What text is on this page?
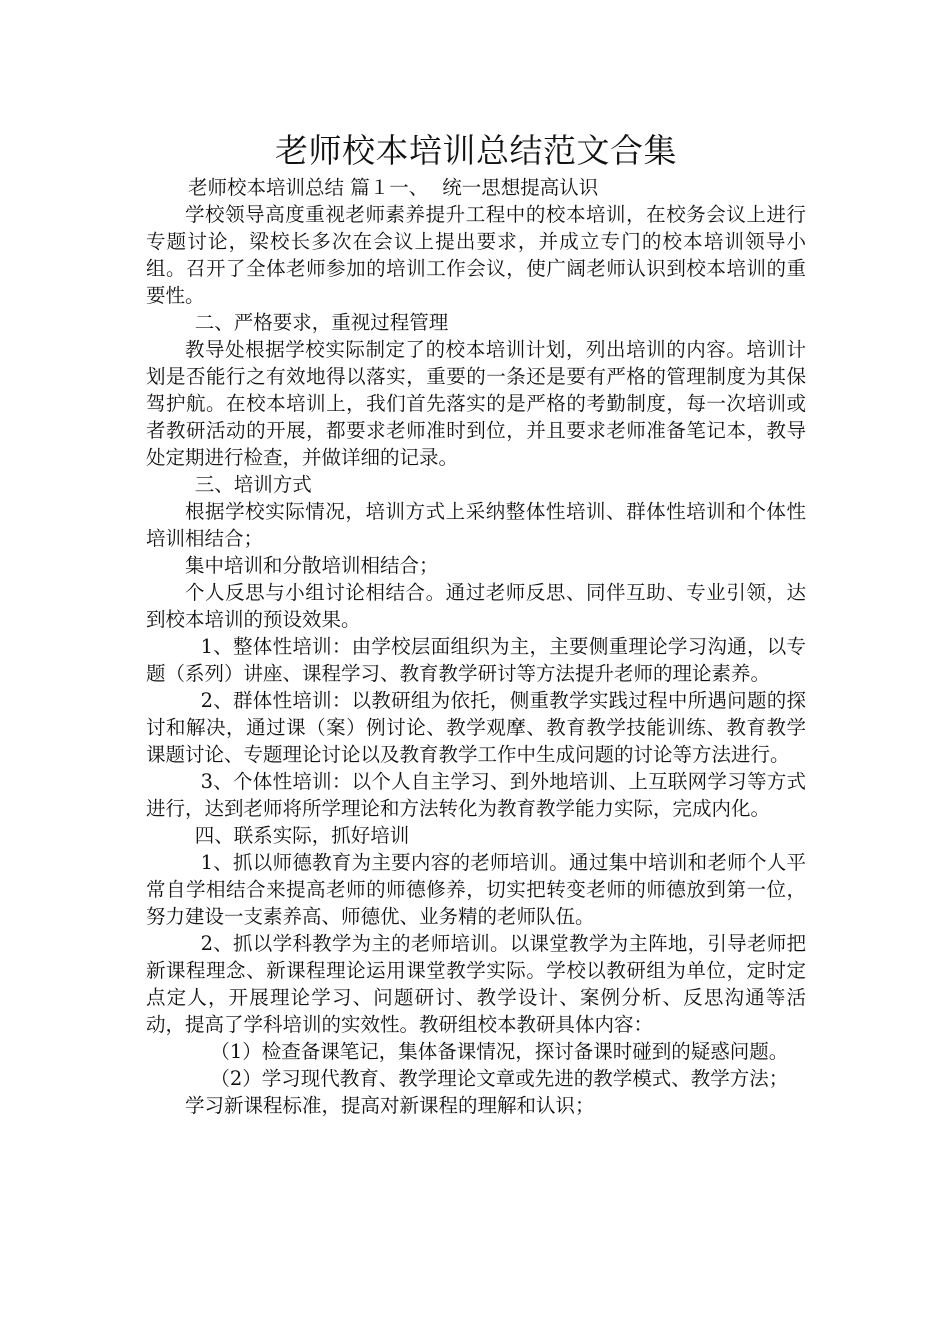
老师校本培训总结范文合集

老师校本培训总结 篇１一、 统一思想提高认识

学校领导高度重视老师素养提升工程中的校本培训，在校务会议上进行专题讨论，梁校长多次在会议上提出要求，并成立专门的校本培训领导小组。召开了全体老师参加的培训工作会议，使广阔老师认识到校本培训的重要性。

二、严格要求，重视过程管理

教导处根据学校实际制定了的校本培训计划，列出培训的内容。培训计划是否能行之有效地得以落实，重要的一条还是要有严格的管理制度为其保驾护航。在校本培训上，我们首先落实的是严格的考勤制度，每一次培训或者教研活动的开展，都要求老师准时到位，并且要求老师准备笔记本，教导处定期进行检查，并做详细的记录。

三、培训方式

根据学校实际情况，培训方式上采纳整体性培训、群体性培训和个体性培训相结合；

集中培训和分散培训相结合；

个人反思与小组讨论相结合。通过老师反思、同伴互助、专业引领，达到校本培训的预设效果。

1、整体性培训：由学校层面组织为主，主要侧重理论学习沟通，以专题（系列）讲座、课程学习、教育教学研讨等方法提升老师的理论素养。

2、群体性培训：以教研组为依托，侧重教学实践过程中所遇问题的探讨和解决，通过课（案）例讨论、教学观摩、教育教学技能训练、教育教学课题讨论、专题理论讨论以及教育教学工作中生成问题的讨论等方法进行。

3、个体性培训：以个人自主学习、到外地培训、上互联网学习等方式进行，达到老师将所学理论和方法转化为教育教学能力实际，完成内化。

四、联系实际，抓好培训

1、抓以师德教育为主要内容的老师培训。通过集中培训和老师个人平常自学相结合来提高老师的师德修养，切实把转变老师的师德放到第一位，努力建设一支素养高、师德优、业务精的老师队伍。

2、抓以学科教学为主的老师培训。以课堂教学为主阵地，引导老师把新课程理念、新课程理论运用课堂教学实际。学校以教研组为单位，定时定点定人，开展理论学习、问题研讨、教学设计、案例分析、反思沟通等活动，提高了学科培训的实效性。教研组校本教研具体内容：

（1）检查备课笔记，集体备课情况，探讨备课时碰到的疑惑问题。

（2）学习现代教育、教学理论文章或先进的教学模式、教学方法；

学习新课程标准，提高对新课程的理解和认识；
